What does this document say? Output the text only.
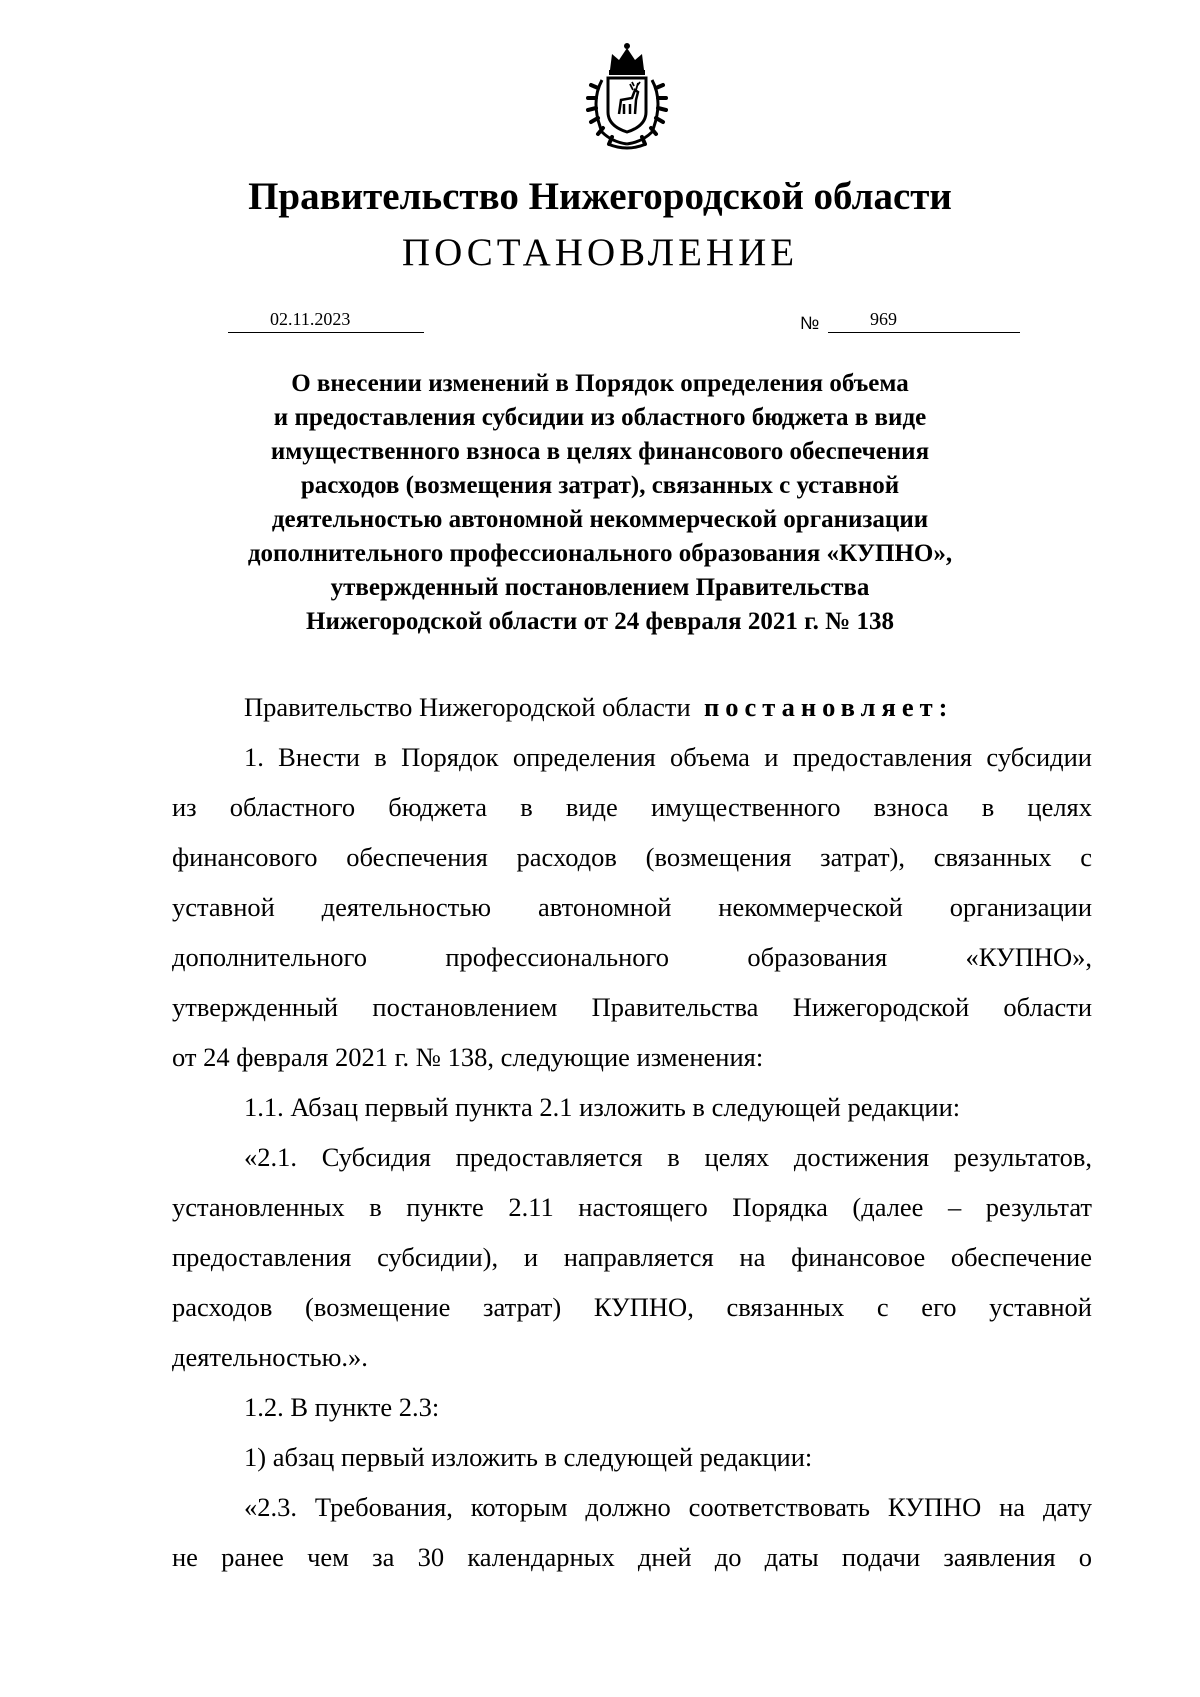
Правительство Нижегородской области
ПОСТАНОВЛЕНИЕ
02.11.2023	№	969
О внесении изменений в Порядок определения объема
и предоставления субсидии из областного бюджета в виде
имущественного взноса в целях финансового обеспечения
расходов (возмещения затрат), связанных с уставной
деятельностью автономной некоммерческой организации
дополнительного профессионального образования «КУПНО»,
утвержденный постановлением Правительства
Нижегородской области от 24 февраля 2021 г. № 138
Правительство Нижегородской области постановляет:
1. Внести в Порядок определения объема и предоставления субсидии
из областного бюджета в виде имущественного взноса в целях
финансового обеспечения расходов (возмещения затрат), связанных с
уставной деятельностью автономной некоммерческой организации
дополнительного профессионального образования «КУПНО»,
утвержденный постановлением Правительства Нижегородской области
от 24 февраля 2021 г. № 138, следующие изменения:
1.1. Абзац первый пункта 2.1 изложить в следующей редакции:
«2.1. Субсидия предоставляется в целях достижения результатов,
установленных в пункте 2.11 настоящего Порядка (далее – результат
предоставления субсидии), и направляется на финансовое обеспечение
расходов (возмещение затрат) КУПНО, связанных с его уставной
деятельностью.».
1.2. В пункте 2.3:
1) абзац первый изложить в следующей редакции:
«2.3. Требования, которым должно соответствовать КУПНО на дату
не ранее чем за 30 календарных дней до даты подачи заявления о
